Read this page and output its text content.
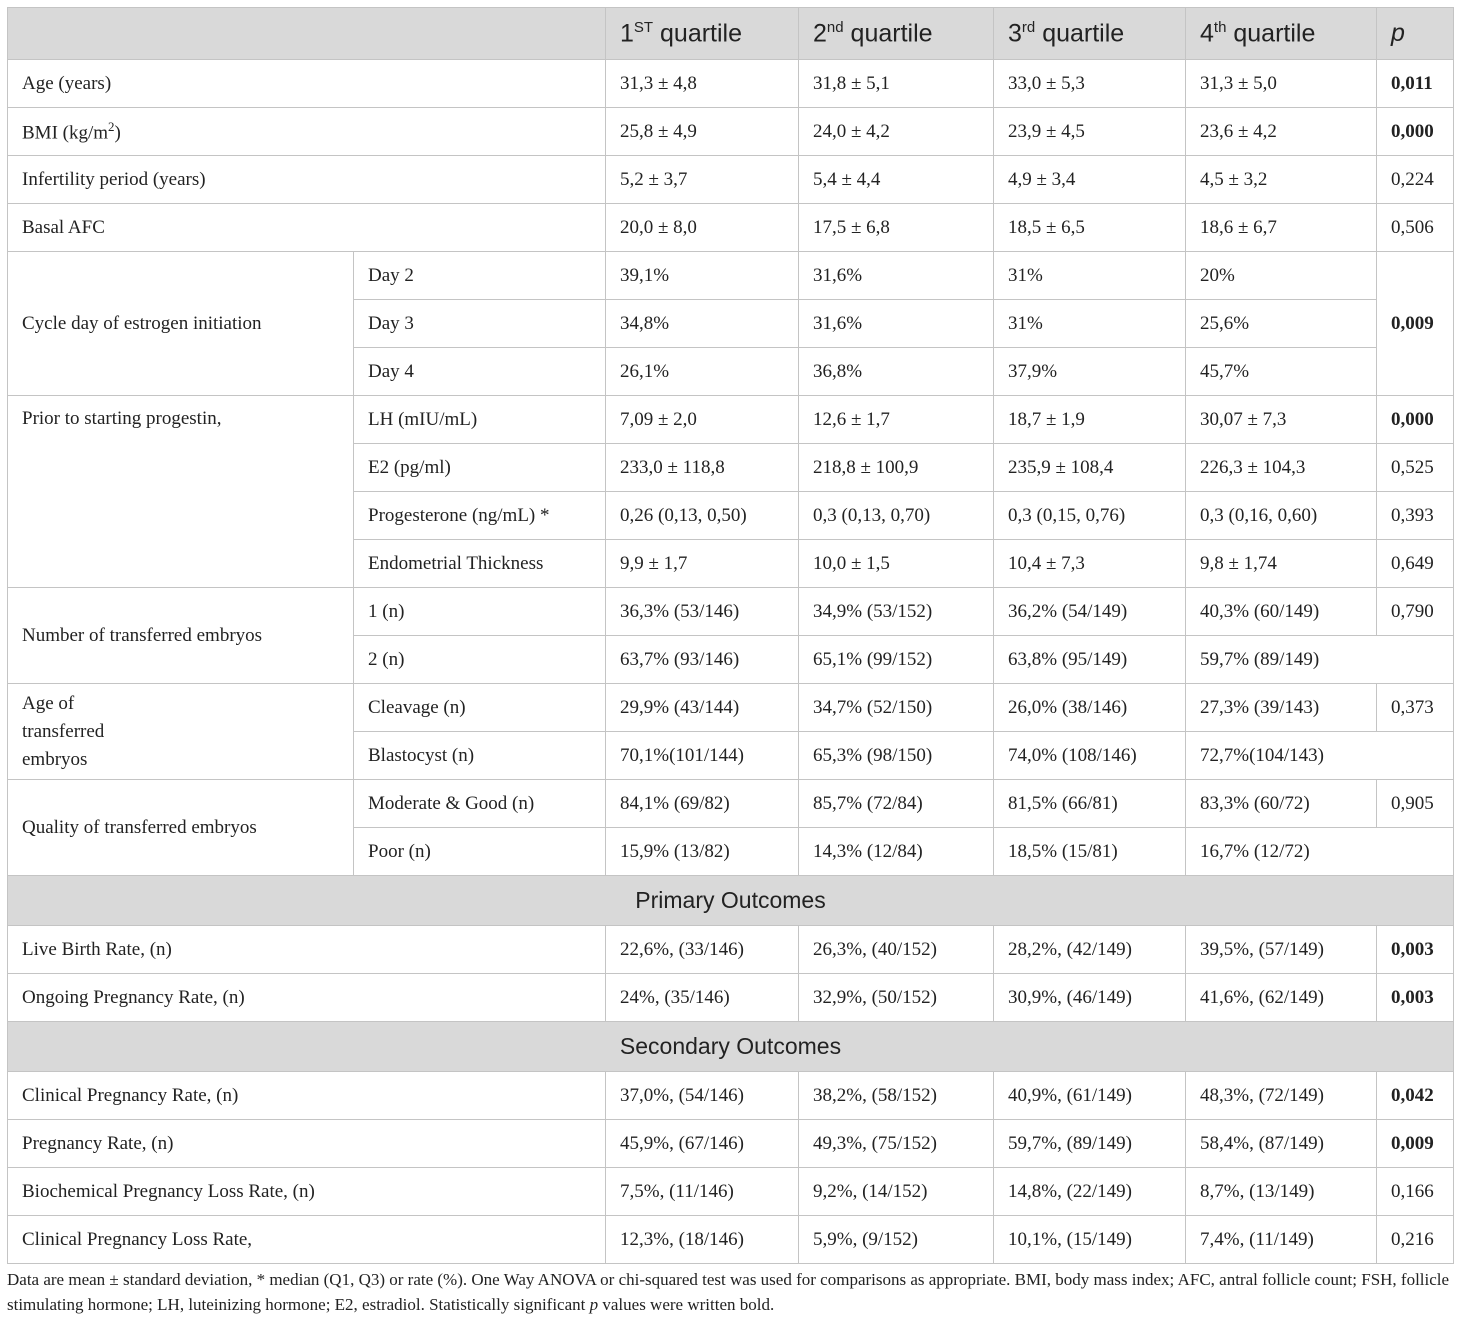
		1ST quartile	2nd quartile	3rd quartile	4th quartile	p
Age (years)		31,3 ± 4,8	31,8 ± 5,1	33,0 ± 5,3	31,3 ± 5,0	0,011
BMI $(kg/m^2)$		25,8 ± 4,9	24,0 ± 4,2	23,9 ± 4,5	23,6 ± 4,2	0,000
Infertility period (years)		5,2 ± 3,7	5,4 ± 4,4	4,9 ± 3,4	4,5 ± 3,2	0,224
Basal AFC		20,0 ± 8,0	17,5 ± 6,8	18,5 ± 6,5	18,6 ± 6,7	0,506
Cycle day of estrogen initiation	Day 2	39,1%	31,6%	31%	20%	0,009
	Day 3	34,8%	31,6%	31%	25,6%	
	Day 4	26,1%	36,8%	37,9%	45,7%	
Prior to starting progestin,	LH (mIU/mL)	7,09 ± 2,0	12,6 ± 1,7	18,7 ± 1,9	30,07 ± 7,3	0,000
	E2 (pg/ml)	233,0 ± 118,8	218,8 ± 100,9	235,9 ± 108,4	226,3 ± 104,3	0,525
	Progesterone (ng/mL) *	0,26 (0,13, 0,50)	0,3 (0,13, 0,70)	0,3 (0,15, 0,76)	0,3 (0,16, 0,60)	0,393
	Endometrial Thickness	9,9 ± 1,7	10,0 ± 1,5	10,4 ± 7,3	9,8 ± 1,74	0,649
Number of transferred embryos	1 (n)	36,3% (53/146)	34,9% (53/152)	36,2% (54/149)	40,3% (60/149)	0,790
	2 (n)	63,7% (93/146)	65,1% (99/152)	63,8% (95/149)	59,7% (89/149)	
Age of transferred embryos	Cleavage (n)	29,9% (43/144)	34,7% (52/150)	26,0% (38/146)	27,3% (39/143)	0,373
	Blastocyst (n)	70,1%(101/144)	65,3% (98/150)	74,0% (108/146)	72,7%(104/143)	
Quality of transferred embryos	Moderate & Good (n)	84,1% (69/82)	85,7% (72/84)	81,5% (66/81)	83,3% (60/72)	0,905
	Poor (n)	15,9% (13/82)	14,3% (12/84)	18,5% (15/81)	16,7% (12/72)	
Primary Outcomes						
Live Birth Rate, (n)		22,6%, (33/146)	26,3%, (40/152)	28,2%, (42/149)	39,5%, (57/149)	0,003
Ongoing Pregnancy Rate, (n)		24%, (35/146)	32,9%, (50/152)	30,9%, (46/149)	41,6%, (62/149)	0,003
Secondary Outcomes						
Clinical Pregnancy Rate, (n)		37,0%, (54/146)	38,2%, (58/152)	40,9%, (61/149)	48,3%, (72/149)	0,042
Pregnancy Rate, (n)		45,9%, (67/146)	49,3%, (75/152)	59,7%, (89/149)	58,4%, (87/149)	0,009
Biochemical Pregnancy Loss Rate, (n)		7,5%, (11/146)	9,2%, (14/152)	14,8%, (22/149)	8,7%, (13/149)	0,166
Clinical Pregnancy Loss Rate,		12,3%, (18/146)	5,9%, (9/152)	10,1%, (15/149)	7,4%, (11/149)	0,216
Data are mean ± standard deviation, * median (Q1, Q3) or rate (%). One Way ANOVA or chi-squared test was used for comparisons as appropriate. BMI, body mass index; AFC, antral follicle count; FSH, follicle stimulating hormone; LH, luteinizing hormone; E2, estradiol. Statistically significant p values were written bold.
